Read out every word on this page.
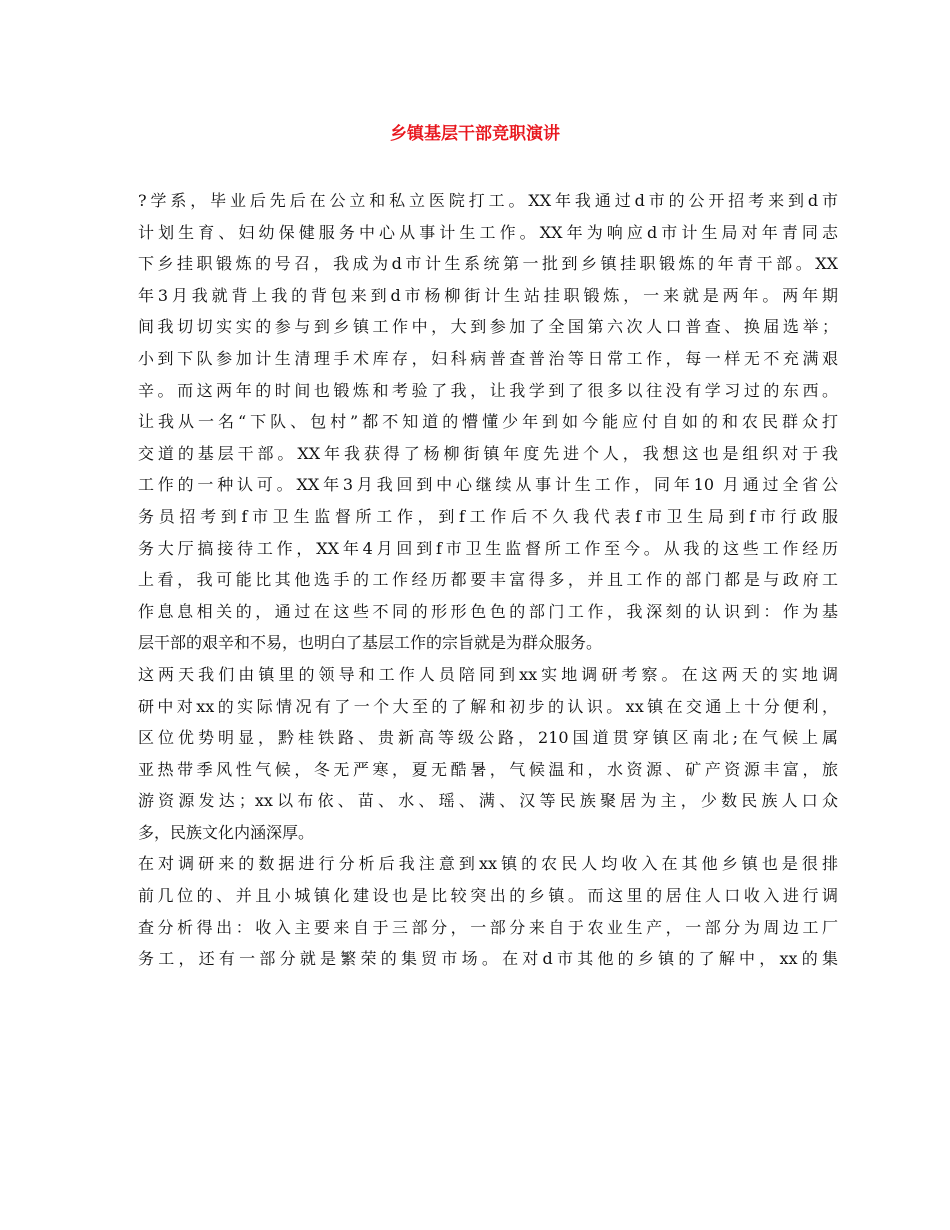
乡镇基层干部竞职演讲
?学系，毕业后先后在公立和私立医院打工。XX年我通过d市的公开招考来到d市
计划生育、妇幼保健服务中心从事计生工作。XX年为响应d市计生局对年青同志
下乡挂职锻炼的号召，我成为d市计生系统第一批到乡镇挂职锻炼的年青干部。XX
年3月我就背上我的背包来到d市杨柳街计生站挂职锻炼，一来就是两年。两年期
间我切切实实的参与到乡镇工作中，大到参加了全国第六次人口普查、换届选举；
小到下队参加计生清理手术库存，妇科病普查普治等日常工作，每一样无不充满艰
辛。而这两年的时间也锻炼和考验了我，让我学到了很多以往没有学习过的东西。
让我从一名“下队、包村”都不知道的懵懂少年到如今能应付自如的和农民群众打
交道的基层干部。XX年我获得了杨柳街镇年度先进个人，我想这也是组织对于我
工作的一种认可。XX年3月我回到中心继续从事计生工作，同年10 月通过全省公
务员招考到f市卫生监督所工作，到f工作后不久我代表f市卫生局到f市行政服
务大厅搞接待工作，XX年4月回到f市卫生监督所工作至今。从我的这些工作经历
上看，我可能比其他选手的工作经历都要丰富得多，并且工作的部门都是与政府工
作息息相关的，通过在这些不同的形形色色的部门工作，我深刻的认识到：作为基
层干部的艰辛和不易，也明白了基层工作的宗旨就是为群众服务。
这两天我们由镇里的领导和工作人员陪同到xx实地调研考察。在这两天的实地调
研中对xx的实际情况有了一个大至的了解和初步的认识。xx镇在交通上十分便利，
区位优势明显，黔桂铁路、贵新高等级公路，210国道贯穿镇区南北;在气候上属
亚热带季风性气候，冬无严寒，夏无酷暑，气候温和，水资源、矿产资源丰富，旅
游资源发达；xx以布依、苗、水、瑶、满、汉等民族聚居为主，少数民族人口众
多，民族文化内涵深厚。
在对调研来的数据进行分析后我注意到xx镇的农民人均收入在其他乡镇也是很排
前几位的、并且小城镇化建设也是比较突出的乡镇。而这里的居住人口收入进行调
查分析得出：收入主要来自于三部分，一部分来自于农业生产，一部分为周边工厂
务工，还有一部分就是繁荣的集贸市场。在对d市其他的乡镇的了解中，xx的集
